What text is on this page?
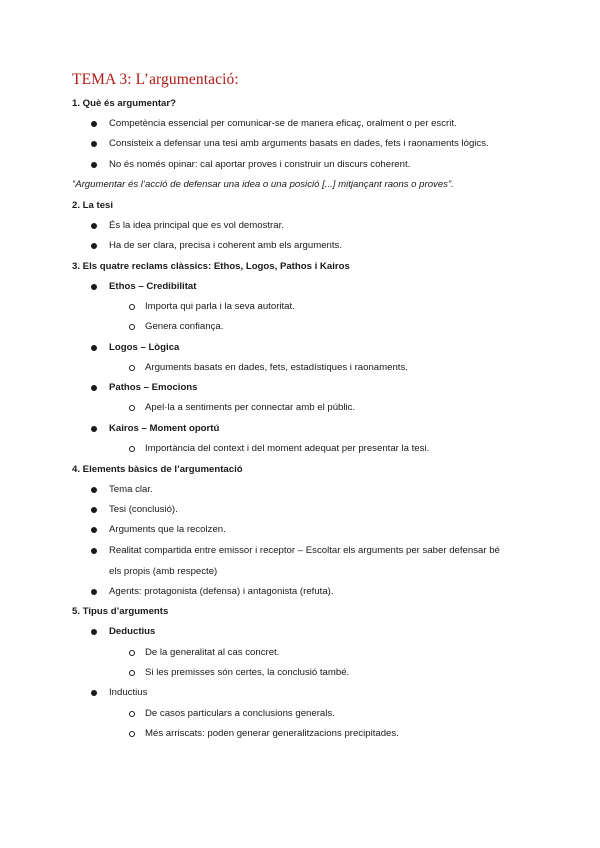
TEMA 3: L’argumentació:
1. Què és argumentar?
Competència essencial per comunicar-se de manera eficaç, oralment o per escrit.
Consisteix a defensar una tesi amb arguments basats en dades, fets i raonaments lògics.
No és només opinar: cal aportar proves i construir un discurs coherent.
“Argumentar és l’acció de defensar una idea o una posició [...] mitjançant raons o proves”.
2. La tesi
És la idea principal que es vol demostrar.
Ha de ser clara, precisa i coherent amb els arguments.
3. Els quatre reclams clàssics: Ethos, Logos, Pathos i Kairos
Ethos – Credibilitat
Importa qui parla i la seva autoritat.
Genera confiança.
Logos – Lògica
Arguments basats en dades, fets, estadístiques i raonaments.
Pathos – Emocions
Apel·la a sentiments per connectar amb el públic.
Kairos – Moment oportú
Importància del context i del moment adequat per presentar la tesi.
4. Elements bàsics de l’argumentació
Tema clar.
Tesi (conclusió).
Arguments que la recolzen.
Realitat compartida entre emissor i receptor – Escoltar els arguments per saber defensar bé
els propis (amb respecte)
Agents: protagonista (defensa) i antagonista (refuta).
5. Tipus d’arguments
Deductius
De la generalitat al cas concret.
Si les premisses són certes, la conclusió també.
Inductius
De casos particulars a conclusions generals.
Més arriscats: poden generar generalitzacions precipitades.
